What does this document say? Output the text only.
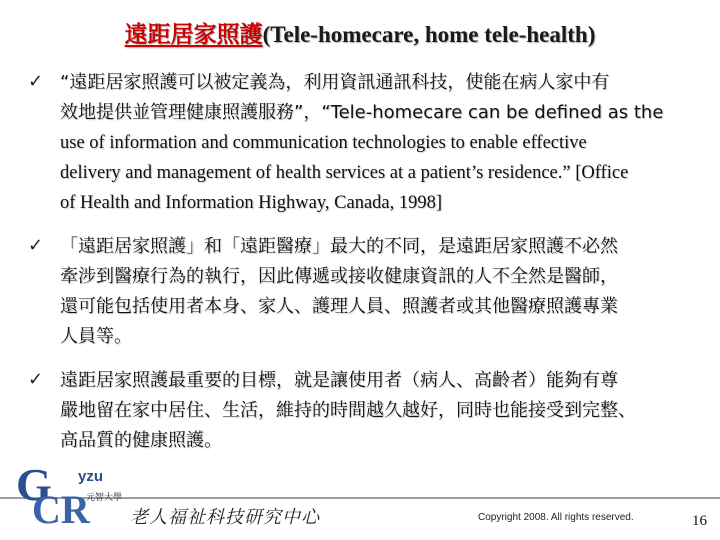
遠距居家照護(Tele-homecare, home tele-health)
✓ “遠距居家照護可以被定義為，利用資訊通訊科技，使能在病人家中有
效地提供並管理健康照護服務”，“Tele-homecare can be defined as the
use of information and communication technologies to enable effective
delivery and management of health services at a patient’s residence.” [Office
of Health and Information Highway, Canada, 1998]
✓ 「遠距居家照護」和「遠距醫療」最大的不同，是遠距居家照護不必然
牽涉到醫療行為的執行，因此傳遞或接收健康資訊的人不全然是醫師，
還可能包括使用者本身、家人、護理人員、照護者或其他醫療照護專業
人員等。
✓ 遠距居家照護最重要的目標，就是讓使用者（病人、高齡者）能夠有尊
嚴地留在家中居住、生活，維持的時間越久越好，同時也能接受到完整、
高品質的健康照護。
G
CR
yzu
元智大學
老人福祉科技研究中心	Copyright 2008. All rights reserved.	16
